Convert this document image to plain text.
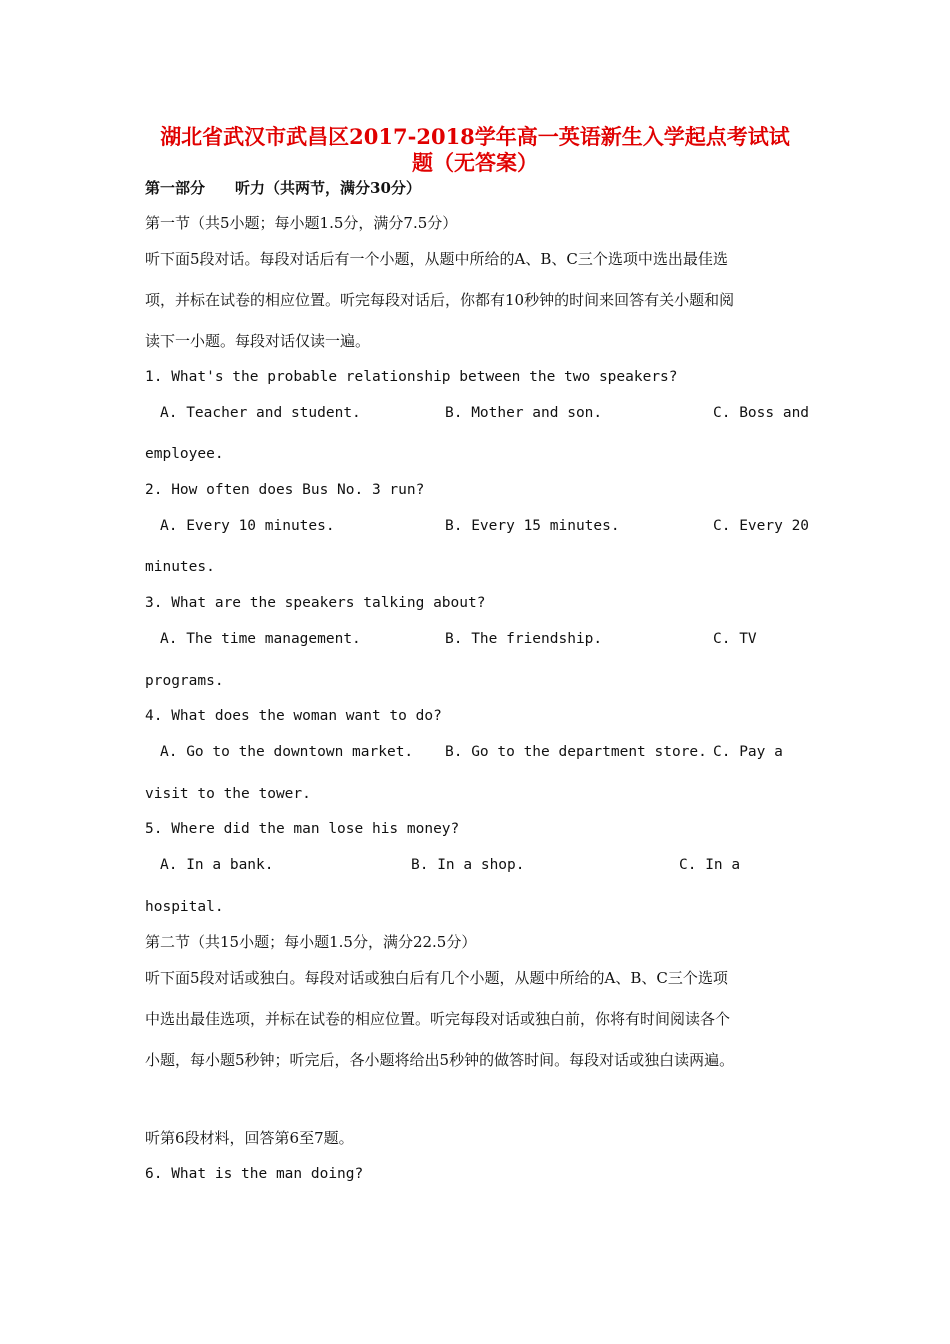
湖北省武汉市武昌区2017-2018学年高一英语新生入学起点考试试
题（无答案）
第一部分　　听力（共两节，满分30分）
第一节（共5小题；每小题1.5分，满分7.5分）
听下面5段对话。每段对话后有一个小题，从题中所给的A、B、C三个选项中选出最佳选
项，并标在试卷的相应位置。听完每段对话后，你都有10秒钟的时间来回答有关小题和阅
读下一小题。每段对话仅读一遍。
1. What's the probable relationship between the two speakers?
A. Teacher and student.	B. Mother and son.	C. Boss and
employee.
2. How often does Bus No. 3 run?
A. Every 10 minutes.	B. Every 15 minutes.	C. Every 20
minutes.
3. What are the speakers talking about?
A. The time management.	B. The friendship.	C. TV
programs.
4. What does the woman want to do?
A. Go to the downtown market. B. Go to the department store. C. Pay a
visit to the tower.
5. Where did the man lose his money?
A. In a bank.	B. In a shop.	C. In a
hospital.
第二节（共15小题；每小题1.5分，满分22.5分）
听下面5段对话或独白。每段对话或独白后有几个小题，从题中所给的A、B、C三个选项
中选出最佳选项，并标在试卷的相应位置。听完每段对话或独白前，你将有时间阅读各个
小题，每小题5秒钟；听完后，各小题将给出5秒钟的做答时间。每段对话或独白读两遍。
听第6段材料，回答第6至7题。
6. What is the man doing?
